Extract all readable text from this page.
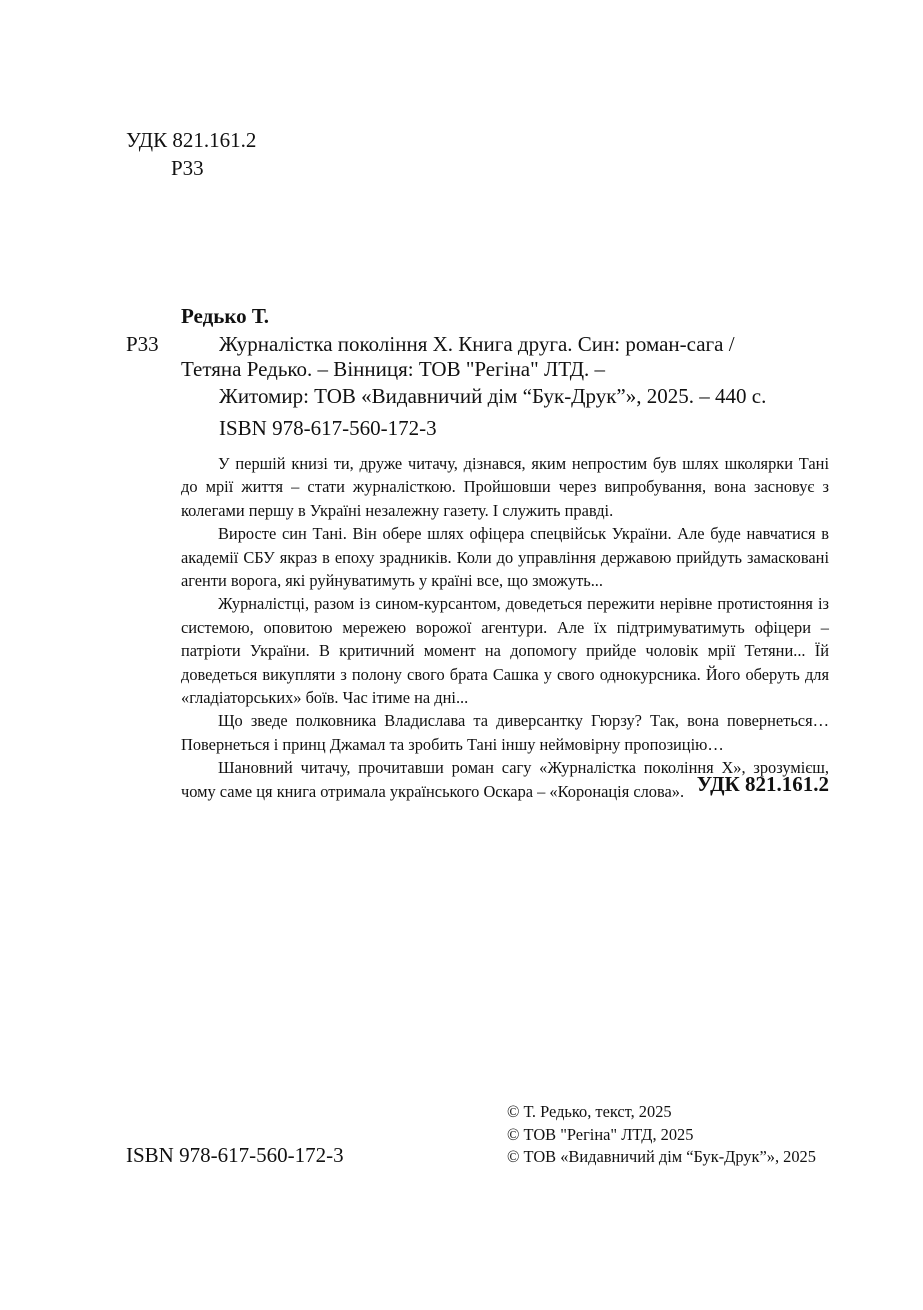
УДК 821.161.2
Р33
Редько Т.
Р33	Журналістка покоління Х. Книга друга. Син: роман-сага /
Тетяна Редько. – Вінниця: ТОВ "Регіна" ЛТД. –
Житомир: ТОВ «Видавничий дім “Бук-Друк”», 2025. – 440 с.
ISBN 978-617-560-172-3

У першій книзі ти, друже читачу, дізнався, яким непростим був шлях школярки Тані до мрії життя – стати журналісткою. Пройшовши через випробування, вона засновує з колегами першу в Україні незалежну газету. І служить правді.

Виросте син Тані. Він обере шлях офіцера спецвійськ України. Але буде навчатися в академії СБУ якраз в епоху зрадників. Коли до управління державою прийдуть замасковані агенти ворога, які руйнуватимуть у країні все, що зможуть...

Журналістці, разом із сином-курсантом, доведеться пережити нерівне протистояння із системою, оповитою мережею ворожої агентури. Але їх підтримуватимуть офіцери – патріоти України. В критичний момент на допомогу прийде чоловік мрії Тетяни... Їй доведеться викупляти з полону свого брата Сашка у свого однокурсника. Його оберуть для «гладіаторських» боїв. Час ітиме на дні...

Що зведе полковника Владислава та диверсантку Гюрзу? Так, вона повернеться… Повернеться і принц Джамал та зробить Тані іншу неймовірну пропозицію…

Шановний читачу, прочитавши роман сагу «Журналістка покоління Х», зрозумієш, чому саме ця книга отримала українського Оскара – «Коронація слова». УДК 821.161.2
ISBN 978-617-560-172-3
© Т. Редько, текст, 2025
© ТОВ "Регіна" ЛТД, 2025
© ТОВ «Видавничий дім “Бук-Друк”», 2025
